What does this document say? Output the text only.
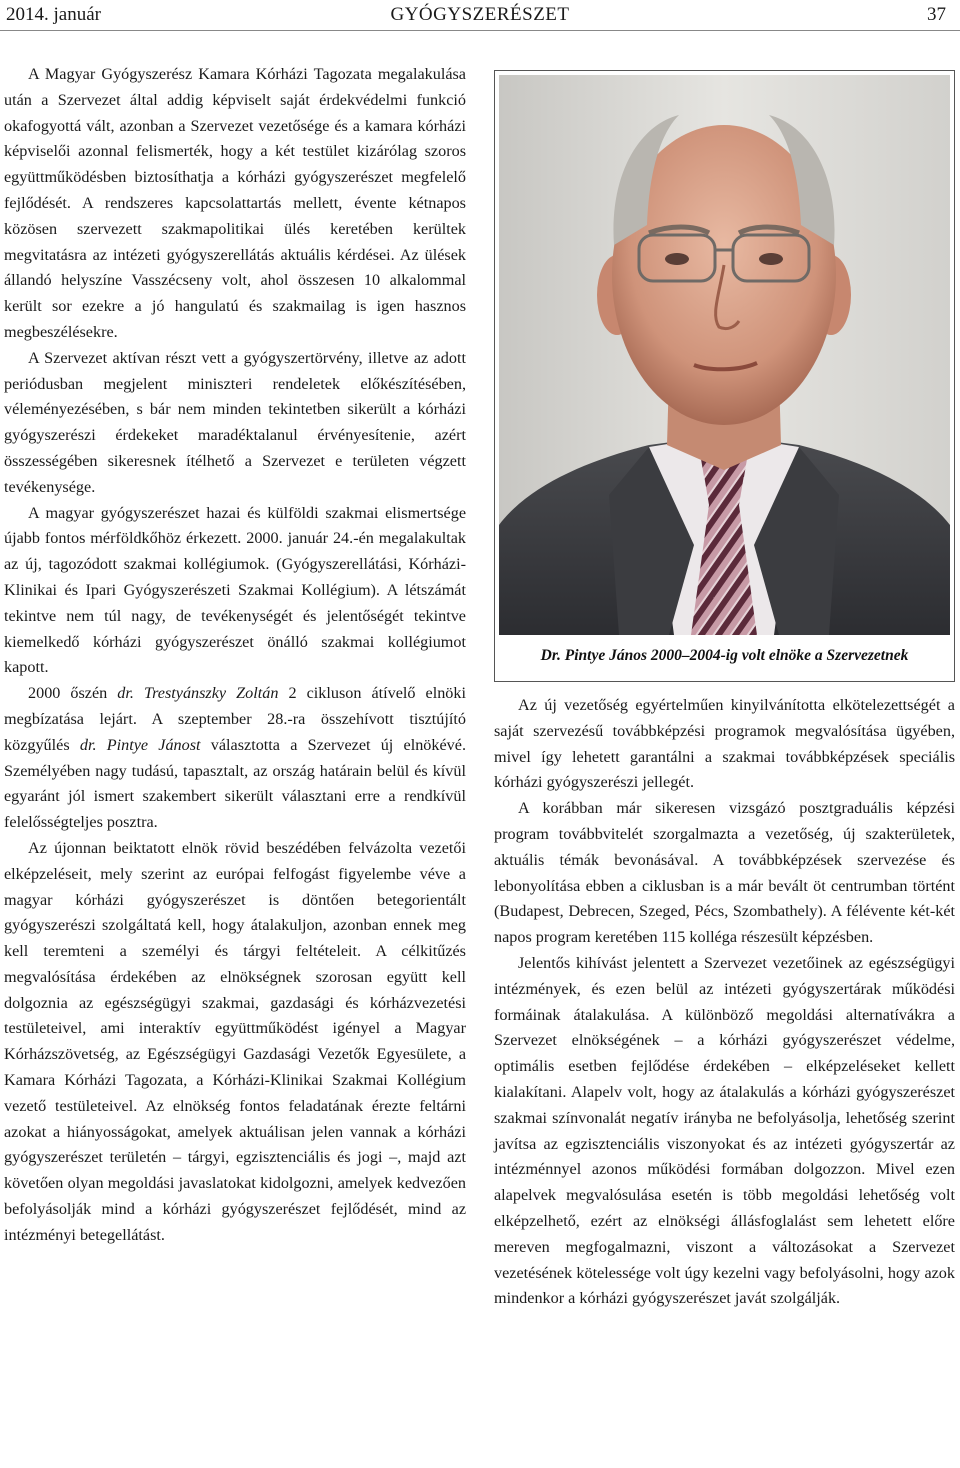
2014. január	GYÓGYSZERÉSZET	37

A Magyar Gyógyszerész Kamara Kórházi Tagozata megalakulása után a Szervezet által addig képviselt saját érdekvédelmi funkció okafogyottá vált, azonban a Szervezet vezetősége és a kamara kórházi képviselői azonnal felismerték, hogy a két testület kizárólag szoros együttműködésben biztosíthatja a kórházi gyógyszerészet megfelelő fejlődését. A rendszeres kapcsolattartás mellett, évente kétnapos közösen szervezett szakmapolitikai ülés keretében kerültek megvitatásra az intézeti gyógyszerellátás aktuális kérdései. Az ülések állandó helyszíne Vasszécseny volt, ahol összesen 10 alkalommal került sor ezekre a jó hangulatú és szakmailag is igen hasznos megbeszélésekre.

A Szervezet aktívan részt vett a gyógyszertörvény, illetve az adott periódusban megjelent miniszteri rendeletek előkészítésében, véleményezésében, s bár nem minden tekintetben sikerült a kórházi gyógyszerészi érdekeket maradéktalanul érvényesítenie, azért összességében sikeresnek ítélhető a Szervezet e területen végzett tevékenysége.

A magyar gyógyszerészet hazai és külföldi szakmai elismertsége újabb fontos mérföldkőhöz érkezett. 2000. január 24.-én megalakultak az új, tagozódott szakmai kollégiumok. (Gyógyszerellátási, Kórházi-Klinikai és Ipari Gyógyszerészeti Szakmai Kollégium). A létszámát tekintve nem túl nagy, de tevékenységét és jelentőségét tekintve kiemelkedő kórházi gyógyszerészet önálló szakmai kollégiumot kapott.

2000 őszén dr. Trestyánszky Zoltán 2 cikluson átívelő elnöki megbízatása lejárt. A szeptember 28.-ra összehívott tisztújító közgyűlés dr. Pintye Jánost választotta a Szervezet új elnökévé. Személyében nagy tudású, tapasztalt, az ország határain belül és kívül egyaránt jól ismert szakembert sikerült választani erre a rendkívül felelősségteljes posztra.

Az újonnan beiktatott elnök rövid beszédében felvázolta vezetői elképzeléseit, mely szerint az európai felfogást figyelembe véve a magyar kórházi gyógyszerészet is döntően betegorientált gyógyszerészi szolgáltatá kell, hogy átalakuljon, azonban ennek meg kell teremteni a személyi és tárgyi feltételeit. A célkitűzés megvalósítása érdekében az elnökségnek szorosan együtt kell dolgoznia az egészségügyi szakmai, gazdasági és kórházvezetési testületeivel, ami interaktív együttműködést igényel a Magyar Kórházszövetség, az Egészségügyi Gazdasági Vezetők Egyesülete, a Kamara Kórházi Tagozata, a Kórházi-Klinikai Szakmai Kollégium vezető testületeivel. Az elnökség fontos feladatának érezte feltárni azokat a hiányosságokat, amelyek aktuálisan jelen vannak a kórházi gyógyszerészet területén – tárgyi, egzisztenciális és jogi –, majd azt követően olyan megoldási javaslatokat kidolgozni, amelyek kedvezően befolyásolják mind a kórházi gyógyszerészet fejlődését, mind az intézményi betegellátást.

Dr. Pintye János 2000–2004-ig volt elnöke a Szervezetnek

Az új vezetőség egyértelműen kinyilvánította elkötelezettségét a saját szervezésű továbbképzési programok megvalósítása ügyében, mivel így lehetett garantálni a szakmai továbbképzések speciális kórházi gyógyszerészi jellegét.

A korábban már sikeresen vizsgázó posztgraduális képzési program továbbvitelét szorgalmazta a vezetőség, új szakterületek, aktuális témák bevonásával. A továbbképzések szervezése és lebonyolítása ebben a ciklusban is a már bevált öt centrumban történt (Budapest, Debrecen, Szeged, Pécs, Szombathely). A félévente két-két napos program keretében 115 kolléga részesült képzésben.

Jelentős kihívást jelentett a Szervezet vezetőinek az egészségügyi intézmények, és ezen belül az intézeti gyógyszertárak működési formáinak átalakulása. A különböző megoldási alternatívákra a Szervezet elnökségének – a kórházi gyógyszerészet védelme, optimális esetben fejlődése érdekében – elképzeléseket kellett kialakítani. Alapelv volt, hogy az átalakulás a kórházi gyógyszerészet szakmai színvonalát negatív irányba ne befolyásolja, lehetőség szerint javítsa az egzisztenciális viszonyokat és az intézeti gyógyszertár az intézménnyel azonos működési formában dolgozzon. Mivel ezen alapelvek megvalósulása esetén is több megoldási lehetőség volt elképzelhető, ezért az elnökségi állásfoglalást sem lehetett előre mereven megfogalmazni, viszont a változásokat a Szervezet vezetésének kötelessége volt úgy kezelni vagy befolyásolni, hogy azok mindenkor a kórházi gyógyszerészet javát szolgálják.
